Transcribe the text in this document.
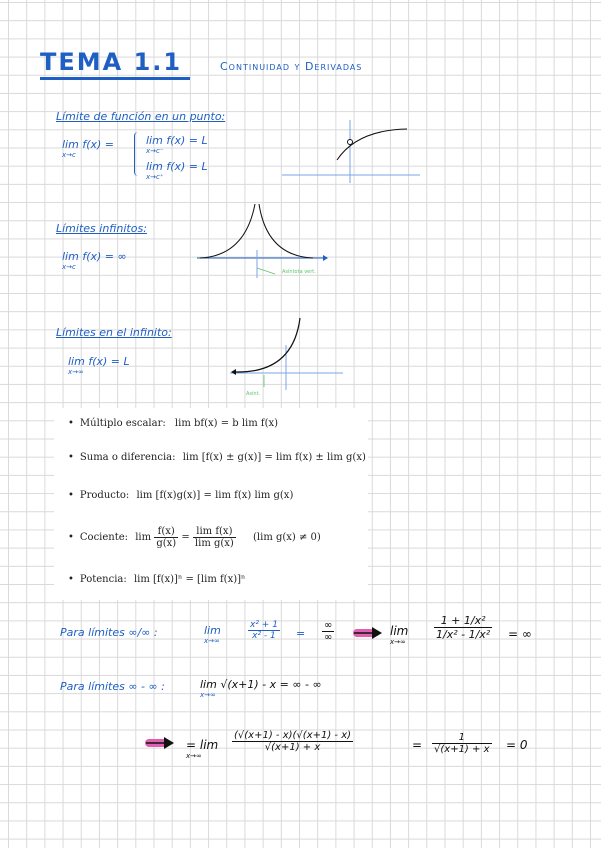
TEMA 1.1	Continuidad y Derivadas
Límite de función en un punto:
lim f(x) =
x→c
lim f(x) = L
x→c⁻
lim f(x) = L
x→c⁺
Límites infinitos:
lim f(x) = ∞
x→c
Asíntota vert.
Límites en el infinito:
lim f(x) = L
x→∞
Asínt.
• Múltiplo escalar: lim bf(x) = b lim f(x)
• Suma o diferencia: lim [f(x) ± g(x)] = lim f(x) ± lim g(x)
• Producto: lim [f(x)g(x)] = lim f(x) lim g(x)
• Cociente: $\lim \frac{f(x)}{g(x)} = \frac{\text{lim f(x)}}{\text{lim g(x)}} (\lim$ g(x) ≠ 0)
• Potencia: lim [f(x)]ⁿ = [lim f(x)]ⁿ
Para límites ∞/∞ :	lim
x→∞	$\frac{\text{x² + 1}}{\text{x² - 1}} = \frac{\infty}{\infty}$	lim
x→∞
$\frac{\text{1 + 1/x²}}{\text{1/x² - 1/x²}}$ = ∞
Para límites ∞ - ∞ :	lim √(x+1) - x = ∞ - ∞
x→∞
= lim
x→∞
$\frac{(√(x+1) - x)(√(x+1) - x)}{√(x+1) + x}$	= $\frac{1}{√(x+1) + x} = 0$
